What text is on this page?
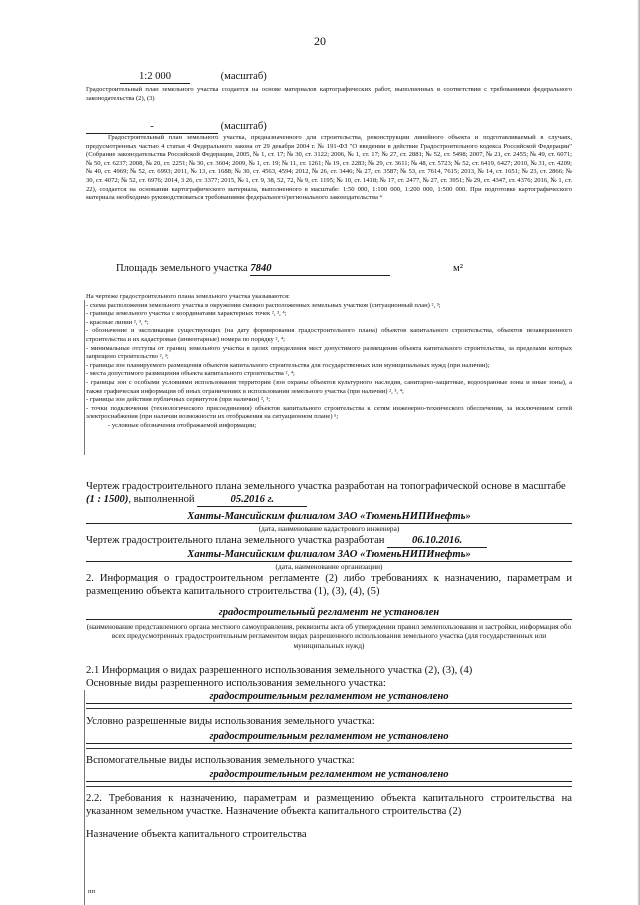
20
1:2 000	(масштаб)
Градостроительный план земельного участка создается на основе материалов картографических работ, выполненных в соответствии с требованиями федерального законодательства (2), (3)
-	(масштаб)
Градостроительный план земельного участка, предназначенного для строительства, реконструкции линейного объекта и подготавливаемый в случаях, предусмотренных частью 4 статьи 4 Федерального закона от 29 декабря 2004 г. № 191-ФЗ "О введении в действие Градостроительного кодекса Российской Федерации" (Собрание законодательства Российской Федерации, 2005, № 1, ст. 17; № 30, ст. 3122; 2006, № 1, ст. 17; № 27, ст. 2881; № 52, ст. 5498; 2007, № 21, ст. 2455; № 49, ст. 6071; № 50, ст. 6237; 2008, № 20, ст. 2251; № 30, ст. 3604; 2009, № 1, ст. 19; № 11, ст. 1261; № 19, ст. 2283; № 29, ст. 3611; № 48, ст. 5723; № 52, ст. 6419, 6427; 2010, № 31, ст. 4209; № 40, ст. 4969; № 52, ст. 6993; 2011, № 13, ст. 1688; № 30, ст. 4563, 4594; 2012, № 26, ст. 3446; № 27, ст. 3587; № 53, ст. 7614, 7615; 2013, № 14, ст. 1651; № 23, ст. 2866; № 30, ст. 4072; № 52, ст. 6976; 2014, 3 26, ст. 3377; 2015, № 1, ст. 9, 38, 52, 72, № 9, ст. 1195; № 10, ст. 1418; № 17, ст. 2477, № 27, ст. 3951; № 29, ст. 4347, ст. 4376; 2016, № 1, ст. 22), создается на основании картографического материала, выполненного в масштабе: 1:50 000, 1:100 000, 1:200 000, 1:500 000. При подготовке картографического материала необходимо руководствоваться требованиями федерального/регионального законодательства ⁴
Площадь земельного участка 7840	м²
На чертеже градостроительного плана земельного участка указываются:
- схема расположения земельного участка в окружении смежно расположенных земельных участков (ситуационный план) ², ³;
- границы земельного участка с координатами характерных точек ², ³, ⁴;
- красные линии ², ³, ⁴;
- обозначение и экспликация существующих (на дату формирования градостроительного плана) объектов капитального строительства, объектов незавершенного строительства и их кадастровые (инвентарные) номера по порядку ², ⁴;
- минимальные отступы от границ земельного участка в целях определения мест допустимого размещения объекта капитального строительства, за пределами которых запрещено строительство ², ³;
- границы зон планируемого размещения объектов капитального строительства для государственных или муниципальных нужд (при наличии);
- места допустимого размещения объекта капитального строительства ², ⁴;
- границы зон с особыми условиями использования территории (зон охраны объектов культурного наследия, санитарно-защитные, водоохранные зоны и иные зоны), а также графическая информация об иных ограничениях в использовании земельного участка (при наличии) ², ³, ⁴;
- границы зон действия публичных сервитутов (при наличии) ², ³;
- точки подключения (технологического присоединения) объектов капитального строительства к сетям инженерно-технического обеспечения, за исключением сетей электроснабжения (при наличии возможности их отображения на ситуационном плане) ⁵;
- условные обозначения отображаемой информации;
Чертеж градостроительного плана земельного участка разработан на топографической основе в масштабе (1 : 1500), выполненной	05.2016 г.
Ханты-Мансийским филиалом ЗАО «ТюменьНИПИнефть»
(дата, наименование кадастрового инженера)
Чертеж градостроительного плана земельного участка разработан	06.10.2016.
Ханты-Мансийским филиалом ЗАО «ТюменьНИПИнефть»
(дата, наименование организации)
2. Информация о градостроительном регламенте (2) либо требованиях к назначению, параметрам и размещению объекта капитального строительства (1), (3), (4), (5)
градостроительный регламент не установлен
(наименование представленного органа местного самоуправления, реквизиты акта об утверждении правил землепользования и застройки, информация обо всех предусмотренных градостроительным регламентом видах разрешенного использования земельного участка (для государственных или муниципальных нужд)
2.1 Информация о видах разрешенного использования земельного участка (2), (3), (4)
Основные виды разрешенного использования земельного участка:
градостроительным регламентом не установлено
Условно разрешенные виды использования земельного участка:
градостроительным регламентом не установлено
Вспомогательные виды использования земельного участка:
градостроительным регламентом не установлено
2.2. Требования к назначению, параметрам и размещению объекта капитального строительства на указанном земельном участке. Назначение объекта капитального строительства (2)
Назначение объекта капитального строительства
пп
